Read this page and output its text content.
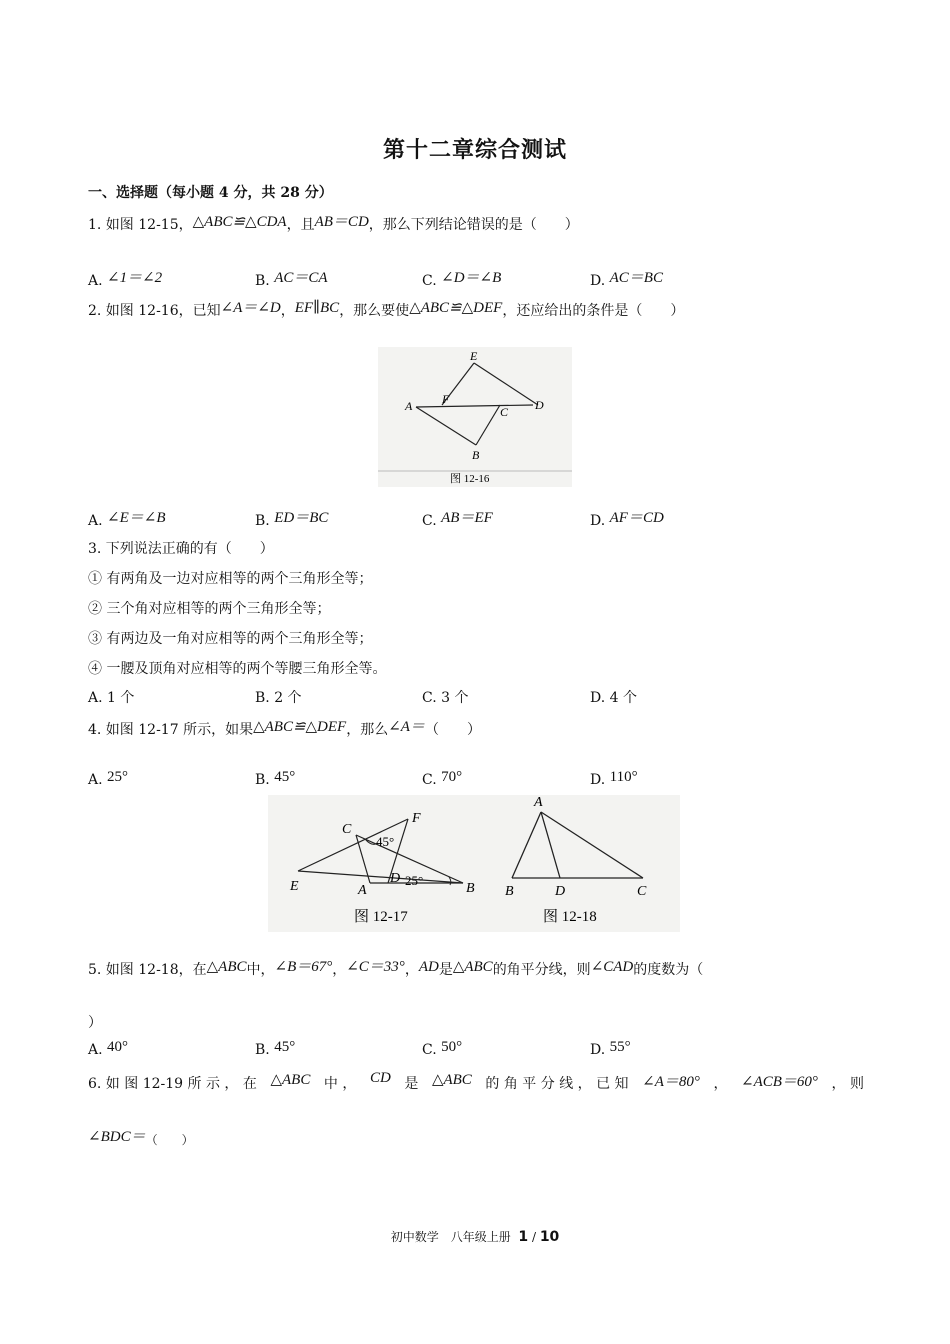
第十二章综合测试
一、选择题（每小题 4 分，共 28 分）
1. 如图 12-15，△ABC≌△CDA，且AB＝CD，那么下列结论错误的是（　　）
A. ∠1＝∠2	B. AC＝CA	C. ∠D＝∠B	D. AC＝BC
2. 如图 12-16，已知∠A＝∠D，EF∥BC，那么要使△ABC≌△DEF，还应给出的条件是（　　）
E
A F
C D
B
图 12-16
A. ∠E＝∠B	B. ED＝BC	C. AB＝EF	D. AF＝CD
3. 下列说法正确的有（　　）
① 有两角及一边对应相等的两个三角形全等；
② 三个角对应相等的两个三角形全等；
③ 有两边及一角对应相等的两个三角形全等；
④ 一腰及顶角对应相等的两个等腰三角形全等。
A. 1 个	B. 2 个	C. 3 个	D. 4 个
4. 如图 12-17 所示，如果△ABC≌△DEF，那么∠A＝（　　）
A. 25°	B. 45°	C. 70°	D. 110°
C
F
45°
E	A
D 25°
B
图 12-17
A
B	D	C
图 12-18
5. 如图 12-18，在△ABC中，∠B＝67°，∠C＝33°，AD是△ABC的角平分线，则∠CAD的度数为（
）
A. 40°	B. 45°	C. 50°	D. 55°
6. 如 图 12-19 所 示 ， 在 △ABC 中 ， CD 是 △ABC 的 角 平 分 线 ， 已 知 ∠A＝80° ， ∠ACB＝60° ， 则
∠BDC＝（　　）
初中数学　八年级上册 1 / 10
